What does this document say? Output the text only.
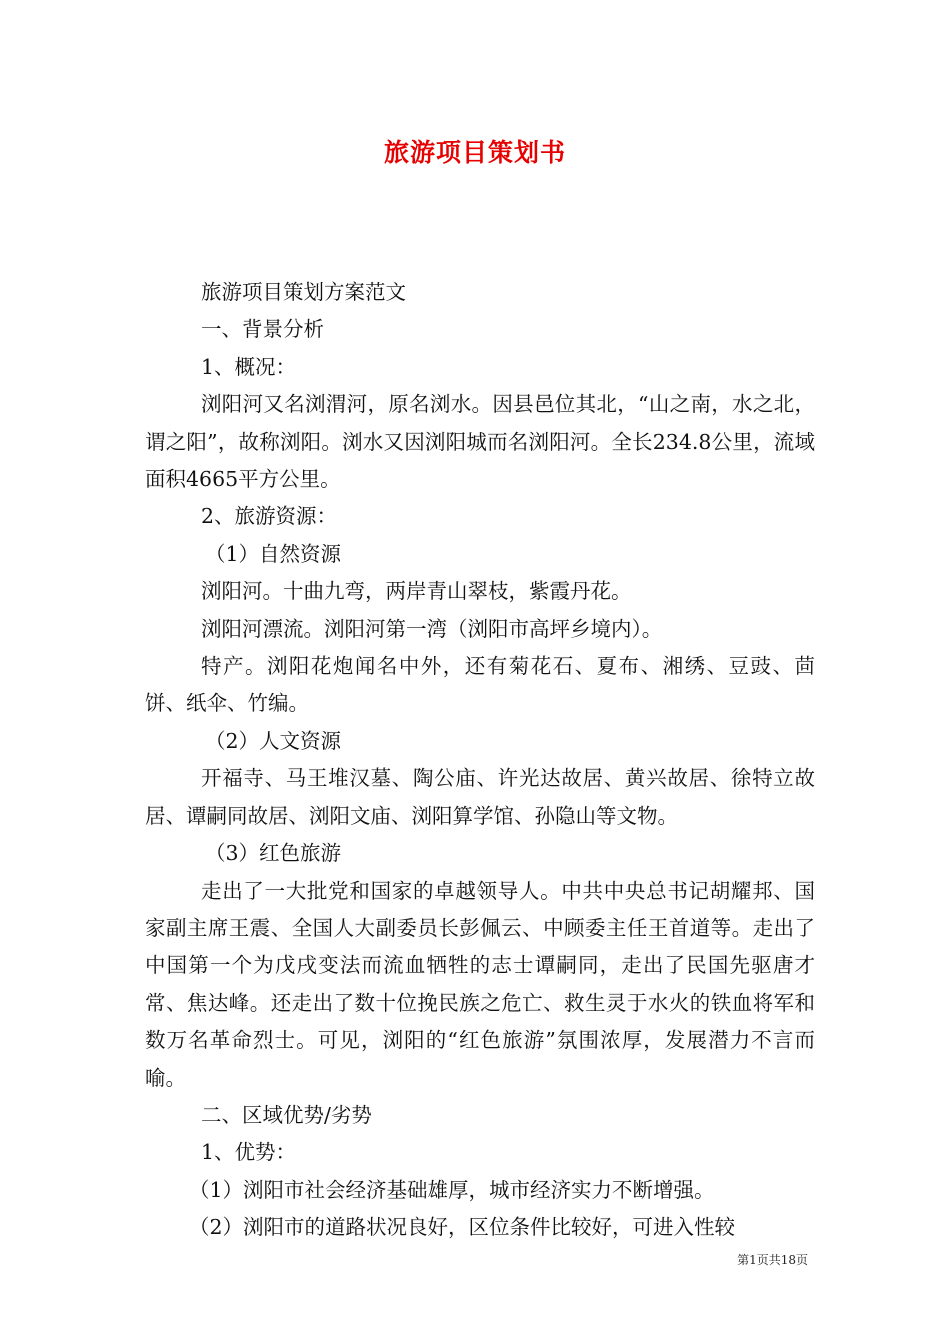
旅游项目策划书

旅游项目策划方案范文

一、背景分析

1、概况：

浏阳河又名浏渭河，原名浏水。因县邑位其北，“山之南，水之北，谓之阳”，故称浏阳。浏水又因浏阳城而名浏阳河。全长234.8公里，流域面积4665平方公里。

2、旅游资源：

（1）自然资源

浏阳河。十曲九弯，两岸青山翠枝，紫霞丹花。

浏阳河漂流。浏阳河第一湾（浏阳市高坪乡境内）。

特产。浏阳花炮闻名中外，还有菊花石、夏布、湘绣、豆豉、茴饼、纸伞、竹编。

（2）人文资源

开福寺、马王堆汉墓、陶公庙、许光达故居、黄兴故居、徐特立故居、谭嗣同故居、浏阳文庙、浏阳算学馆、孙隐山等文物。

（3）红色旅游

走出了一大批党和国家的卓越领导人。中共中央总书记胡耀邦、国家副主席王震、全国人大副委员长彭佩云、中顾委主任王首道等。走出了中国第一个为戊戌变法而流血牺牲的志士谭嗣同，走出了民国先驱唐才常、焦达峰。还走出了数十位挽民族之危亡、救生灵于水火的铁血将军和数万名革命烈士。可见，浏阳的“红色旅游”氛围浓厚，发展潜力不言而喻。

二、区域优势/劣势

1、优势：

（1）浏阳市社会经济基础雄厚，城市经济实力不断增强。

（2）浏阳市的道路状况良好，区位条件比较好，可进入性较

第1页共18页
